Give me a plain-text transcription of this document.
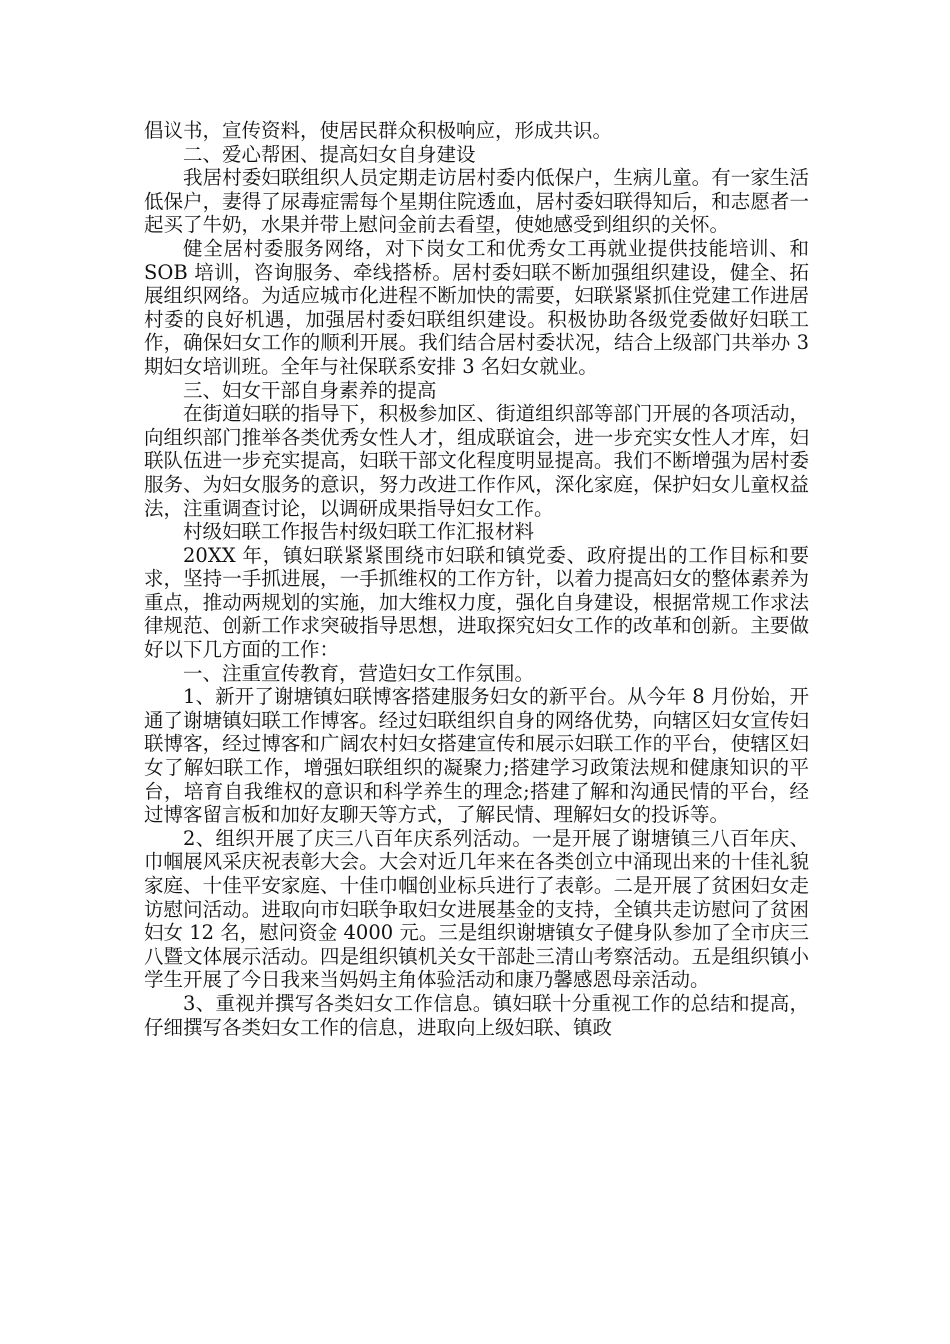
倡议书，宣传资料，使居民群众积极响应，形成共识。

二、爱心帮困、提高妇女自身建设

我居村委妇联组织人员定期走访居村委内低保户，生病儿童。有一家生活低保户，妻得了尿毒症需每个星期住院透血，居村委妇联得知后，和志愿者一起买了牛奶，水果并带上慰问金前去看望，使她感受到组织的关怀。

健全居村委服务网络，对下岗女工和优秀女工再就业提供技能培训、和 SOB 培训，咨询服务、牵线搭桥。居村委妇联不断加强组织建设，健全、拓展组织网络。为适应城市化进程不断加快的需要，妇联紧紧抓住党建工作进居村委的良好机遇，加强居村委妇联组织建设。积极协助各级党委做好妇联工作，确保妇女工作的顺利开展。我们结合居村委状况，结合上级部门共举办 3 期妇女培训班。全年与社保联系安排 3 名妇女就业。

三、妇女干部自身素养的提高

在街道妇联的指导下，积极参加区、街道组织部等部门开展的各项活动，向组织部门推举各类优秀女性人才，组成联谊会，进一步充实女性人才库，妇联队伍进一步充实提高，妇联干部文化程度明显提高。我们不断增强为居村委服务、为妇女服务的意识，努力改进工作作风，深化家庭，保护妇女儿童权益法，注重调查讨论，以调研成果指导妇女工作。

村级妇联工作报告村级妇联工作汇报材料

20XX 年，镇妇联紧紧围绕市妇联和镇党委、政府提出的工作目标和要求，坚持一手抓进展，一手抓维权的工作方针，以着力提高妇女的整体素养为重点，推动两规划的实施，加大维权力度，强化自身建设，根据常规工作求法律规范、创新工作求突破指导思想，进取探究妇女工作的改革和创新。主要做好以下几方面的工作：

一、注重宣传教育，营造妇女工作氛围。

1、新开了谢塘镇妇联博客搭建服务妇女的新平台。从今年 8 月份始，开通了谢塘镇妇联工作博客。经过妇联组织自身的网络优势，向辖区妇女宣传妇联博客，经过博客和广阔农村妇女搭建宣传和展示妇联工作的平台，使辖区妇女了解妇联工作，增强妇联组织的凝聚力;搭建学习政策法规和健康知识的平台，培育自我维权的意识和科学养生的理念;搭建了解和沟通民情的平台，经过博客留言板和加好友聊天等方式，了解民情、理解妇女的投诉等。

2、组织开展了庆三八百年庆系列活动。一是开展了谢塘镇三八百年庆、巾帼展风采庆祝表彰大会。大会对近几年来在各类创立中涌现出来的十佳礼貌家庭、十佳平安家庭、十佳巾帼创业标兵进行了表彰。二是开展了贫困妇女走访慰问活动。进取向市妇联争取妇女进展基金的支持，全镇共走访慰问了贫困妇女 12 名，慰问资金 4000 元。三是组织谢塘镇女子健身队参加了全市庆三八暨文体展示活动。四是组织镇机关女干部赴三清山考察活动。五是组织镇小学生开展了今日我来当妈妈主角体验活动和康乃馨感恩母亲活动。

3、重视并撰写各类妇女工作信息。镇妇联十分重视工作的总结和提高，仔细撰写各类妇女工作的信息，进取向上级妇联、镇政
